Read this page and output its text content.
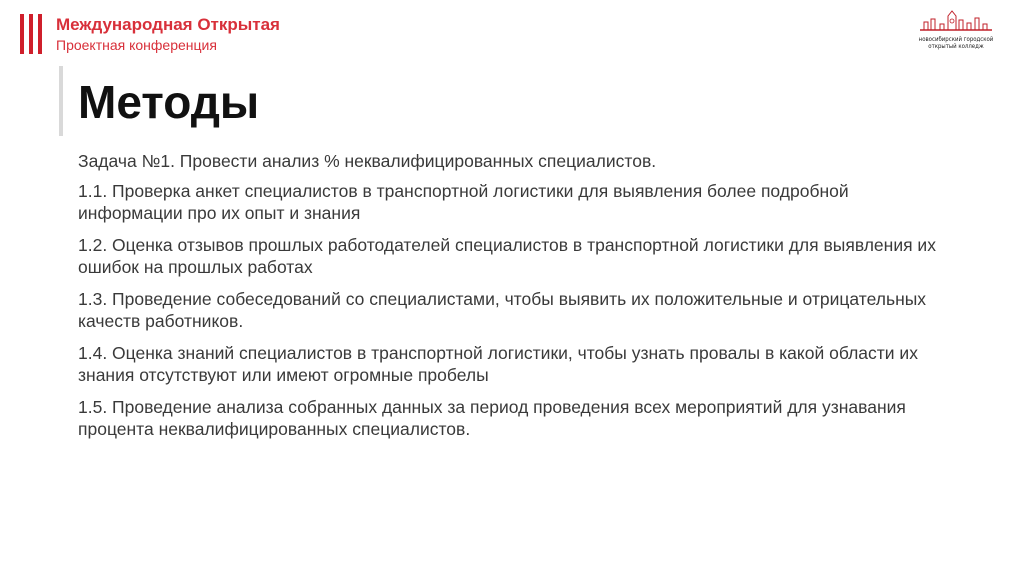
Международная Открытая
Проектная конференция	новосибирский городской
открытый колледж
Методы

Задача №1. Провести анализ % неквалифицированных специалистов.

1.1. Проверка анкет специалистов в транспортной логистики для выявления более подробной информации про их опыт и знания

1.2. Оценка отзывов прошлых работодателей специалистов в транспортной логистики для выявления их ошибок на прошлых работах

1.3. Проведение собеседований со специалистами, чтобы выявить их положительные и отрицательных качеств работников.

1.4. Оценка знаний специалистов в транспортной логистики, чтобы узнать провалы в какой области их знания отсутствуют или имеют огромные пробелы

1.5. Проведение анализа собранных данных за период проведения всех мероприятий для узнавания процента неквалифицированных специалистов.
